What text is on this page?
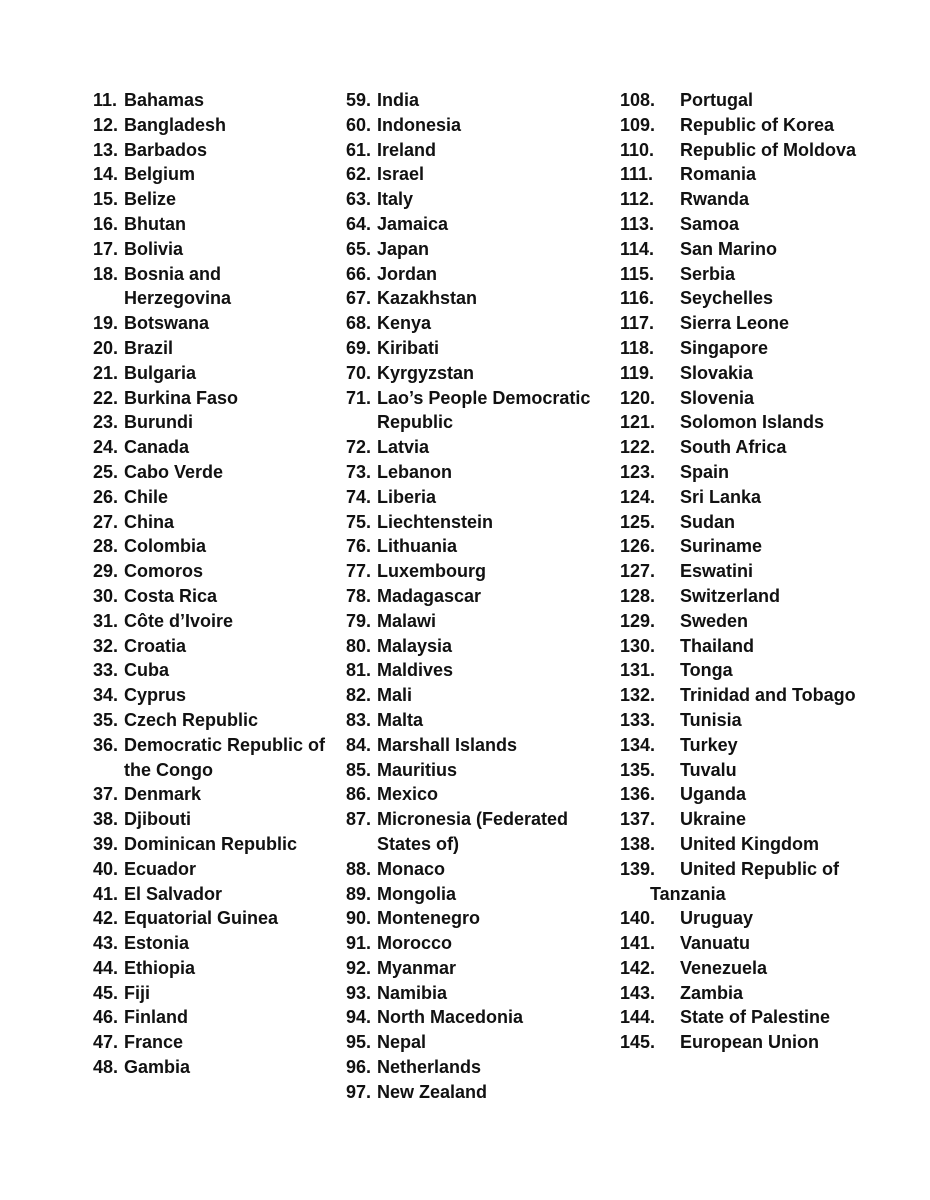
11. Bahamas
12. Bangladesh
13. Barbados
14. Belgium
15. Belize
16. Bhutan
17. Bolivia
18. Bosnia and Herzegovina
19. Botswana
20. Brazil
21. Bulgaria
22. Burkina Faso
23. Burundi
24. Canada
25. Cabo Verde
26. Chile
27. China
28. Colombia
29. Comoros
30. Costa Rica
31. Côte d’Ivoire
32. Croatia
33. Cuba
34. Cyprus
35. Czech Republic
36. Democratic Republic of the Congo
37. Denmark
38. Djibouti
39. Dominican Republic
40. Ecuador
41. El Salvador
42. Equatorial Guinea
43. Estonia
44. Ethiopia
45. Fiji
46. Finland
47. France
48. Gambia
59. India
60. Indonesia
61. Ireland
62. Israel
63. Italy
64. Jamaica
65. Japan
66. Jordan
67. Kazakhstan
68. Kenya
69. Kiribati
70. Kyrgyzstan
71. Lao’s People Democratic Republic
72. Latvia
73. Lebanon
74. Liberia
75. Liechtenstein
76. Lithuania
77. Luxembourg
78. Madagascar
79. Malawi
80. Malaysia
81. Maldives
82. Mali
83. Malta
84. Marshall Islands
85. Mauritius
86. Mexico
87. Micronesia (Federated States of)
88. Monaco
89. Mongolia
90. Montenegro
91. Morocco
92. Myanmar
93. Namibia
94. North Macedonia
95. Nepal
96. Netherlands
97. New Zealand
108. Portugal
109. Republic of Korea
110. Republic of Moldova
111. Romania
112. Rwanda
113. Samoa
114. San Marino
115. Serbia
116. Seychelles
117. Sierra Leone
118. Singapore
119. Slovakia
120. Slovenia
121. Solomon Islands
122. South Africa
123. Spain
124. Sri Lanka
125. Sudan
126. Suriname
127. Eswatini
128. Switzerland
129. Sweden
130. Thailand
131. Tonga
132. Trinidad and Tobago
133. Tunisia
134. Turkey
135. Tuvalu
136. Uganda
137. Ukraine
138. United Kingdom
139. United Republic of Tanzania
140. Uruguay
141. Vanuatu
142. Venezuela
143. Zambia
144. State of Palestine
145. European Union
